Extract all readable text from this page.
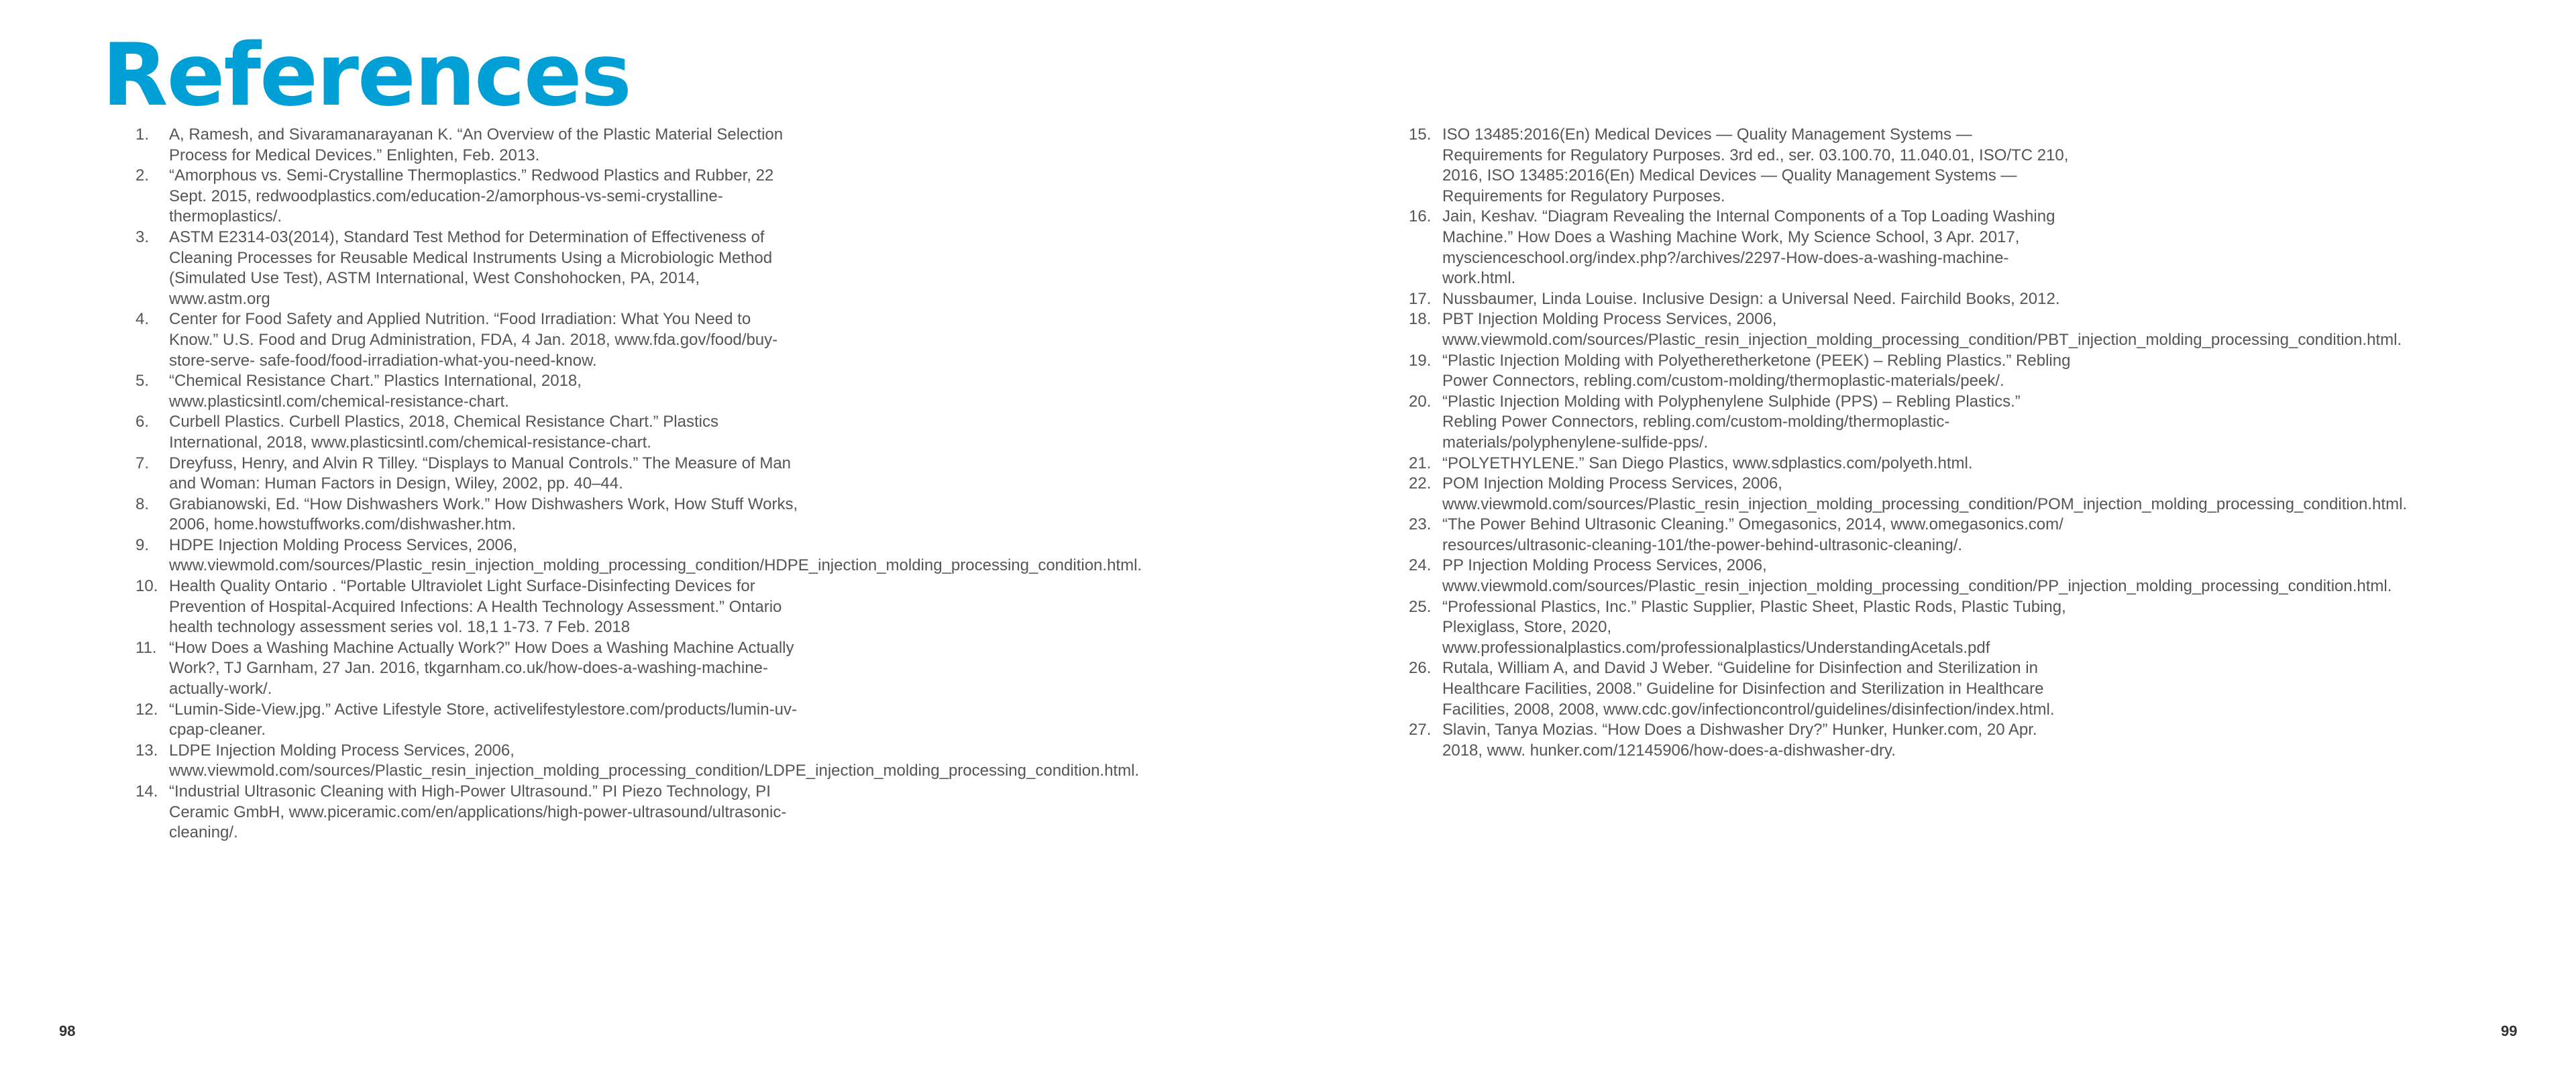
References
1. A, Ramesh, and Sivaramanarayanan K. “An Overview of the Plastic Material Selection Process for Medical Devices.” Enlighten, Feb. 2013.
2. “Amorphous vs. Semi-Crystalline Thermoplastics.” Redwood Plastics and Rubber, 22 Sept. 2015, redwoodplastics.com/education-2/amorphous-vs-semi-crystalline-thermoplastics/.
3. ASTM E2314-03(2014), Standard Test Method for Determination of Effectiveness of Cleaning Processes for Reusable Medical Instruments Using a Microbiologic Method (Simulated Use Test), ASTM International, West Conshohocken, PA, 2014, www.astm.org
4. Center for Food Safety and Applied Nutrition. “Food Irradiation: What You Need to Know.” U.S. Food and Drug Administration, FDA, 4 Jan. 2018, www.fda.gov/food/buy-store-serve- safe-food/food-irradiation-what-you-need-know.
5. “Chemical Resistance Chart.” Plastics International, 2018, www.plasticsintl.com/chemical-resistance-chart.
6. Curbell Plastics. Curbell Plastics, 2018, Chemical Resistance Chart.” Plastics International, 2018, www.plasticsintl.com/chemical-resistance-chart.
7. Dreyfuss, Henry, and Alvin R Tilley. “Displays to Manual Controls.” The Measure of Man and Woman: Human Factors in Design, Wiley, 2002, pp. 40–44.
8. Grabianowski, Ed. “How Dishwashers Work.” How Dishwashers Work, How Stuff Works, 2006, home.howstuffworks.com/dishwasher.htm.
9. HDPE Injection Molding Process Services, 2006, www.viewmold.com/sources/Plastic_resin_injection_molding_processing_condition/HDPE_injection_molding_processing_condition.html.
10. Health Quality Ontario . “Portable Ultraviolet Light Surface-Disinfecting Devices for Prevention of Hospital-Acquired Infections: A Health Technology Assessment.” Ontario health technology assessment series vol. 18,1 1-73. 7 Feb. 2018
11. “How Does a Washing Machine Actually Work?” How Does a Washing Machine Actually Work?, TJ Garnham, 27 Jan. 2016, tkgarnham.co.uk/how-does-a-washing-machine-actually-work/.
12. “Lumin-Side-View.jpg.” Active Lifestyle Store, activelifestylestore.com/products/lumin-uv- cpap-cleaner.
13. LDPE Injection Molding Process Services, 2006, www.viewmold.com/sources/Plastic_resin_injection_molding_processing_condition/LDPE_injection_molding_processing_condition.html.
14. “Industrial Ultrasonic Cleaning with High-Power Ultrasound.” PI Piezo Technology, PI Ceramic GmbH, www.piceramic.com/en/applications/high-power-ultrasound/ultrasonic-cleaning/.
15. ISO 13485:2016(En) Medical Devices — Quality Management Systems — Requirements for Regulatory Purposes. 3rd ed., ser. 03.100.70, 11.040.01, ISO/TC 210, 2016, ISO 13485:2016(En) Medical Devices — Quality Management Systems — Requirements for Regulatory Purposes.
16. Jain, Keshav. “Diagram Revealing the Internal Components of a Top Loading Washing Machine.” How Does a Washing Machine Work, My Science School, 3 Apr. 2017, myscienceschool.org/index.php?/archives/2297-How-does-a-washing-machine-work.html.
17. Nussbaumer, Linda Louise. Inclusive Design: a Universal Need. Fairchild Books, 2012.
18. PBT Injection Molding Process Services, 2006, www.viewmold.com/sources/Plastic_resin_injection_molding_processing_condition/PBT_injection_molding_processing_condition.html.
19. “Plastic Injection Molding with Polyetheretherketone (PEEK) – Rebling Plastics.” Rebling Power Connectors, rebling.com/custom-molding/thermoplastic-materials/peek/.
20. “Plastic Injection Molding with Polyphenylene Sulphide (PPS) – Rebling Plastics.” Rebling Power Connectors, rebling.com/custom-molding/thermoplastic-materials/polyphenylene-sulfide-pps/.
21. “POLYETHYLENE.” San Diego Plastics, www.sdplastics.com/polyeth.html.
22. POM Injection Molding Process Services, 2006, www.viewmold.com/sources/Plastic_resin_injection_molding_processing_condition/POM_injection_molding_processing_condition.html.
23. “The Power Behind Ultrasonic Cleaning.” Omegasonics, 2014, www.omegasonics.com/ resources/ultrasonic-cleaning-101/the-power-behind-ultrasonic-cleaning/.
24. PP Injection Molding Process Services, 2006, www.viewmold.com/sources/Plastic_resin_injection_molding_processing_condition/PP_injection_molding_processing_condition.html.
25. “Professional Plastics, Inc.” Plastic Supplier, Plastic Sheet, Plastic Rods, Plastic Tubing, Plexiglass, Store, 2020, www.professionalplastics.com/professionalplastics/UnderstandingAcetals.pdf
26. Rutala, William A, and David J Weber. “Guideline for Disinfection and Sterilization in Healthcare Facilities, 2008.” Guideline for Disinfection and Sterilization in Healthcare Facilities, 2008, 2008, www.cdc.gov/infectioncontrol/guidelines/disinfection/index.html.
27. Slavin, Tanya Mozias. “How Does a Dishwasher Dry?” Hunker, Hunker.com, 20 Apr. 2018, www. hunker.com/12145906/how-does-a-dishwasher-dry.
98	99
